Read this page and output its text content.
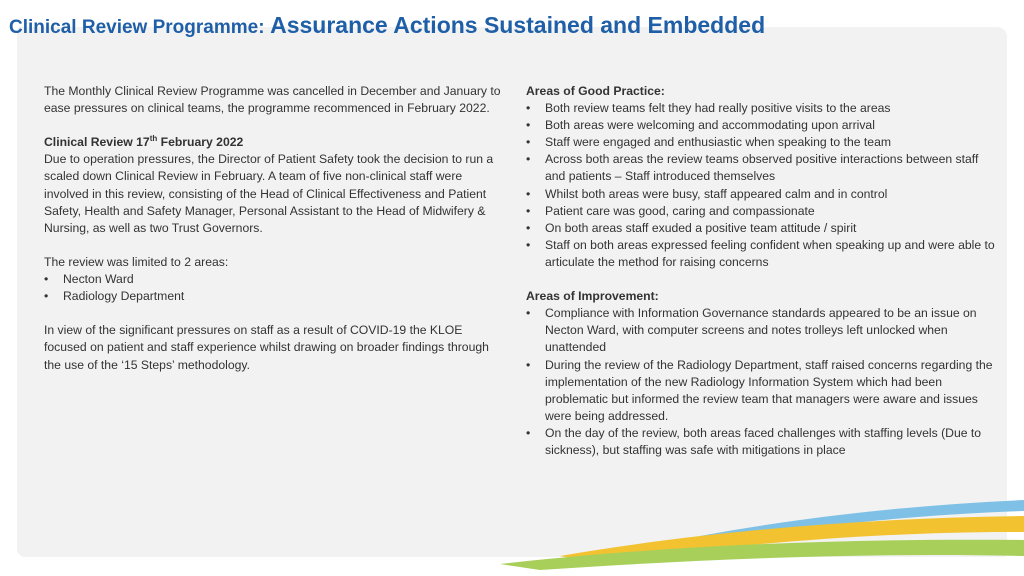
Clinical Review Programme: Assurance Actions Sustained and Embedded

The Monthly Clinical Review Programme was cancelled in December and January to ease pressures on clinical teams, the programme recommenced in February 2022.

Clinical Review 17th February 2022

Due to operation pressures, the Director of Patient Safety took the decision to run a scaled down Clinical Review in February. A team of five non-clinical staff were involved in this review, consisting of the Head of Clinical Effectiveness and Patient Safety, Health and Safety Manager, Personal Assistant to the Head of Midwifery & Nursing, as well as two Trust Governors.

The review was limited to 2 areas:

• Necton Ward
• Radiology Department

In view of the significant pressures on staff as a result of COVID-19 the KLOE focused on patient and staff experience whilst drawing on broader findings through the use of the ‘15 Steps’ methodology.

Areas of Good Practice:

• Both review teams felt they had really positive visits to the areas
• Both areas were welcoming and accommodating upon arrival
• Staff were engaged and enthusiastic when speaking to the team
• Across both areas the review teams observed positive interactions between staff and patients – Staff introduced themselves
• Whilst both areas were busy, staff appeared calm and in control
• Patient care was good, caring and compassionate
• On both areas staff exuded a positive team attitude / spirit
• Staff on both areas expressed feeling confident when speaking up and were able to articulate the method for raising concerns

Areas of Improvement:

• Compliance with Information Governance standards appeared to be an issue on Necton Ward, with computer screens and notes trolleys left unlocked when unattended
• During the review of the Radiology Department, staff raised concerns regarding the implementation of the new Radiology Information System which had been problematic but informed the review team that managers were aware and issues were being addressed.
• On the day of the review, both areas faced challenges with staffing levels (Due to sickness), but staffing was safe with mitigations in place
